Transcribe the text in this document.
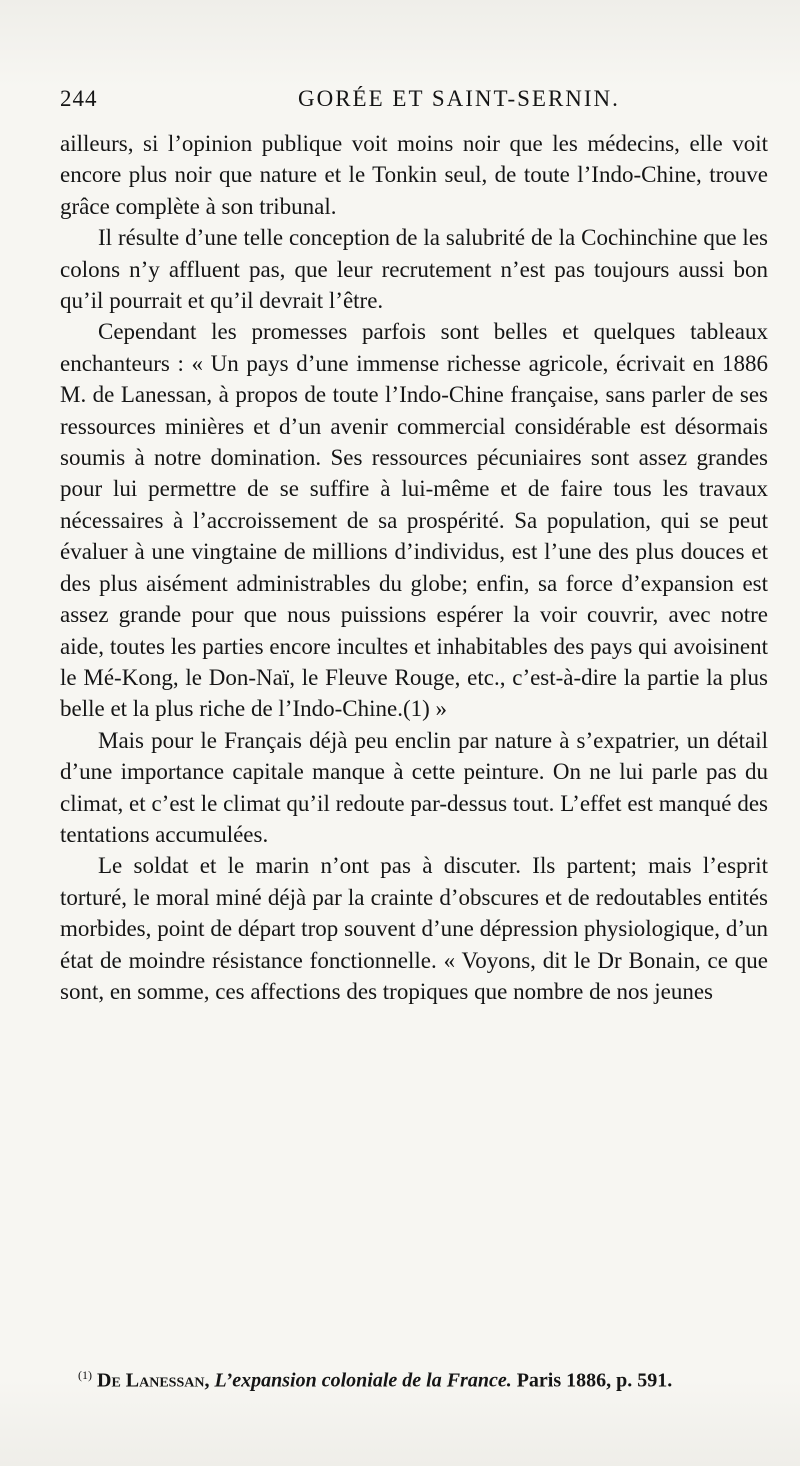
244	GORÉE ET SAINT-SERNIN.

ailleurs, si l’opinion publique voit moins noir que les médecins, elle voit encore plus noir que nature et le Tonkin seul, de toute l’Indo-Chine, trouve grâce complète à son tribunal.

Il résulte d’une telle conception de la salubrité de la Cochinchine que les colons n’y affluent pas, que leur recrutement n’est pas toujours aussi bon qu’il pourrait et qu’il devrait l’être.

Cependant les promesses parfois sont belles et quelques tableaux enchanteurs : « Un pays d’une immense richesse agricole, écrivait en 1886 M. de Lanessan, à propos de toute l’Indo-Chine française, sans parler de ses ressources minières et d’un avenir commercial considérable est désormais soumis à notre domination. Ses ressources pécuniaires sont assez grandes pour lui permettre de se suffire à lui-même et de faire tous les travaux nécessaires à l’accroissement de sa prospérité. Sa population, qui se peut évaluer à une vingtaine de millions d’individus, est l’une des plus douces et des plus aisément administrables du globe; enfin, sa force d’expansion est assez grande pour que nous puissions espérer la voir couvrir, avec notre aide, toutes les parties encore incultes et inhabitables des pays qui avoisinent le Mé-Kong, le Don-Naï, le Fleuve Rouge, etc., c’est-à-dire la partie la plus belle et la plus riche de l’Indo-Chine.(1) »

Mais pour le Français déjà peu enclin par nature à s’expatrier, un détail d’une importance capitale manque à cette peinture. On ne lui parle pas du climat, et c’est le climat qu’il redoute par-dessus tout. L’effet est manqué des tentations accumulées.

Le soldat et le marin n’ont pas à discuter. Ils partent; mais l’esprit torturé, le moral miné déjà par la crainte d’obscures et de redoutables entités morbides, point de départ trop souvent d’une dépression physiologique, d’un état de moindre résistance fonctionnelle. « Voyons, dit le Dr Bonain, ce que sont, en somme, ces affections des tropiques que nombre de nos jeunes

$^{(1)}$ De Lanessan, L’expansion coloniale de la France. Paris 1886, p. 591.
